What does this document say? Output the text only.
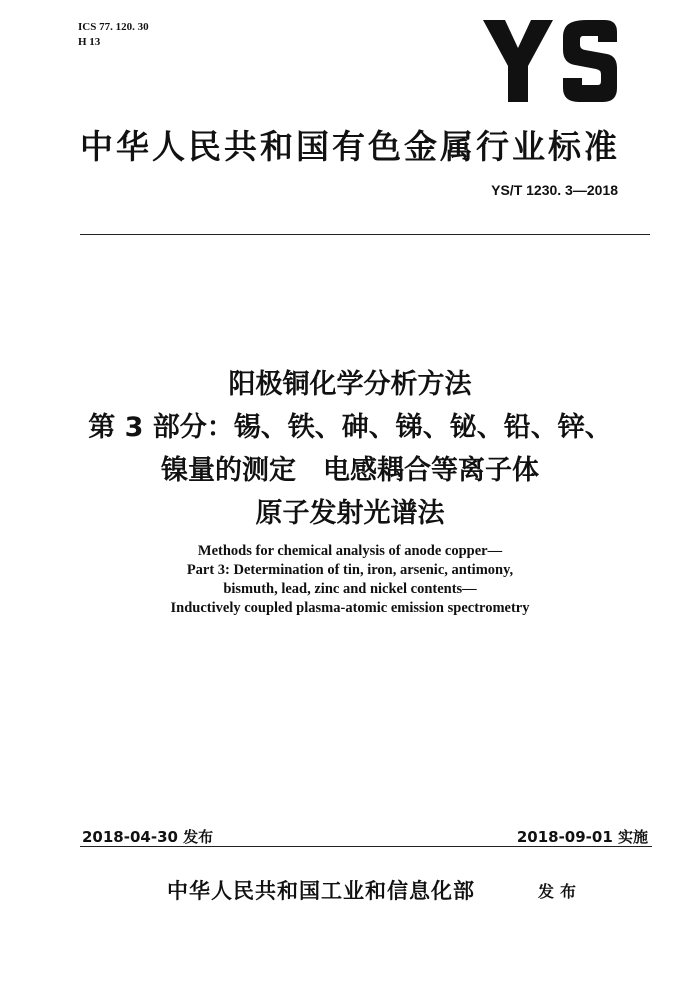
ICS 77. 120. 30
H 13
YS
中华人民共和国有色金属行业标准
YS/T 1230. 3—2018
阳极铜化学分析方法
第 3 部分：锡、铁、砷、锑、铋、铅、锌、
镍量的测定　电感耦合等离子体
原子发射光谱法
Methods for chemical analysis of anode copper—
Part 3: Determination of tin, iron, arsenic, antimony,
bismuth, lead, zinc and nickel contents—
Inductively coupled plasma-atomic emission spectrometry
2018-04-30 发布	2018-09-01 实施
中华人民共和国工业和信息化部	发布
